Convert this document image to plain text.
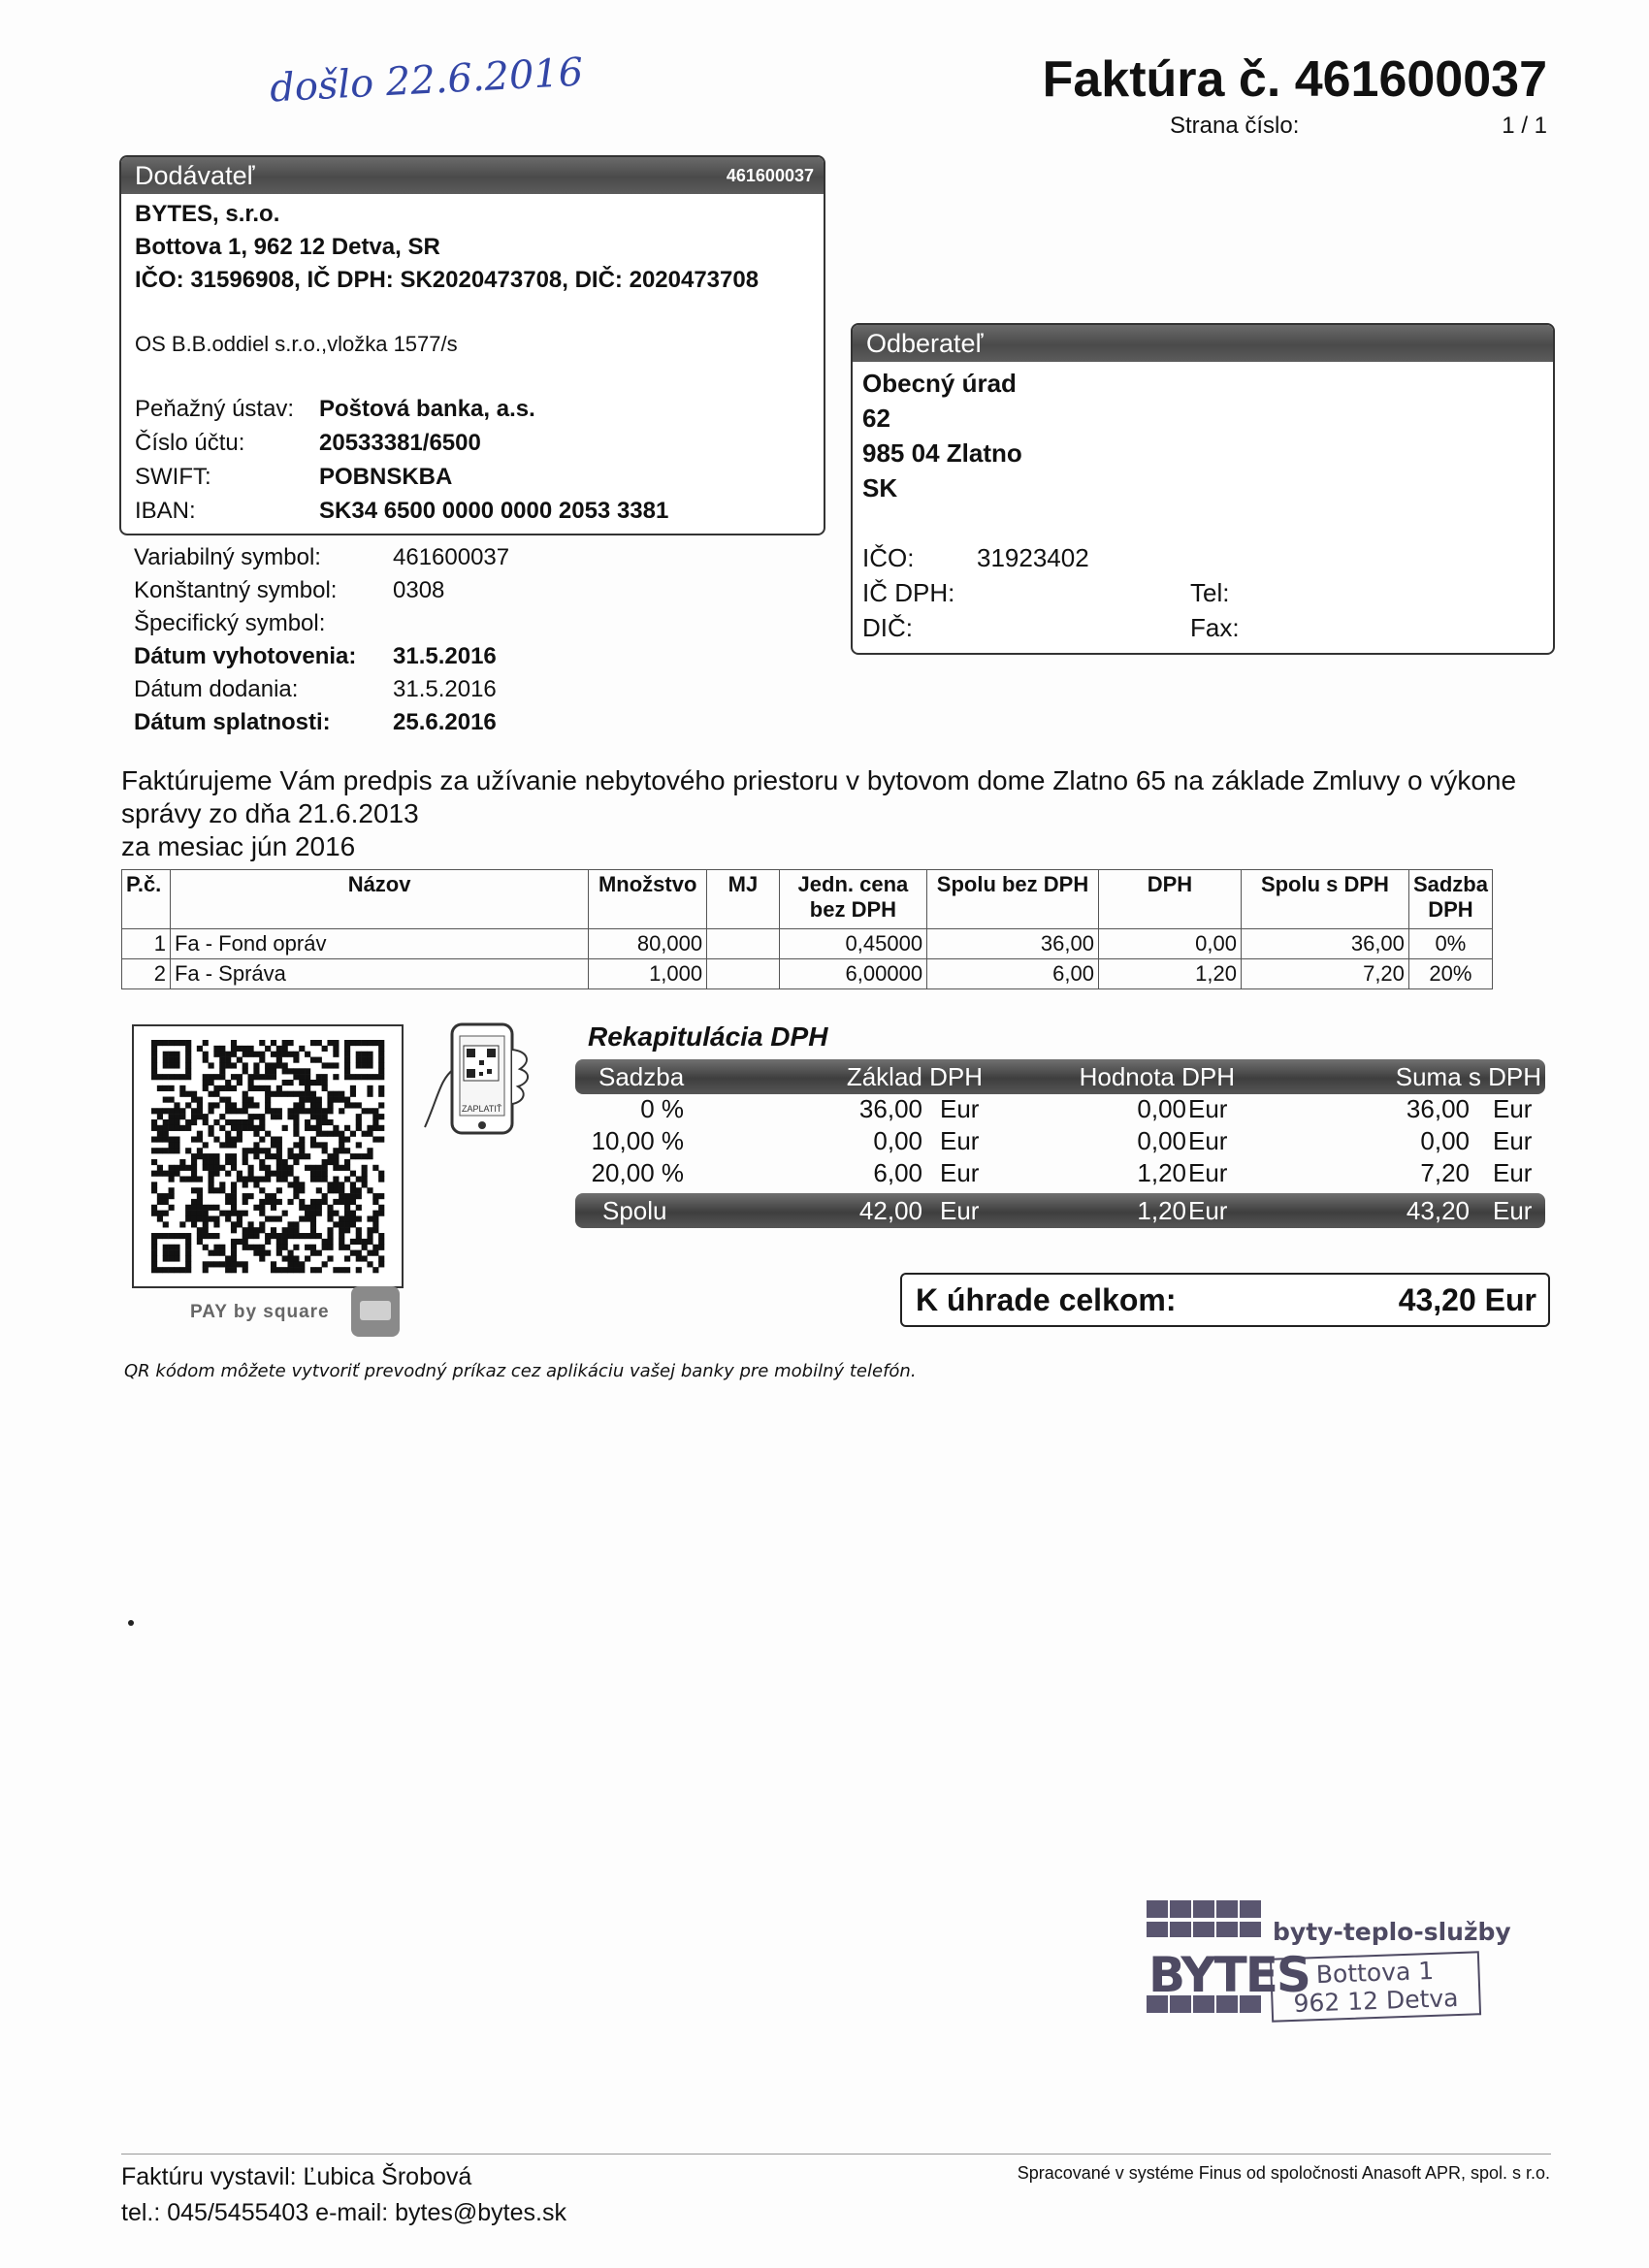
došlo 22.6.2016	Faktúra č. 461600037
Strana číslo:	1 / 1
Dodávateľ	461600037
BYTES, s.r.o.
Bottova 1, 962 12 Detva, SR
IČO: 31596908, IČ DPH: SK2020473708, DIČ: 2020473708
OS B.B.oddiel s.r.o.,vložka 1577/s
Peňažný ústav: Poštová banka, a.s.
Číslo účtu:	20533381/6500
SWIFT:	POBNSKBA
IBAN:	SK34 6500 0000 0000 2053 3381
Odberateľ
Obecný úrad
62
985 04 Zlatno
SK
IČO: 31923402
IČ DPH:
DIČ:
Tel:
Fax:
Variabilný symbol:	461600037
Konštantný symbol: 0308
Špecifický symbol:
Dátum vyhotovenia: 31.5.2016
Dátum dodania:	31.5.2016
Dátum splatnosti:	25.6.2016
Faktúrujeme Vám predpis za užívanie nebytového priestoru v bytovom dome Zlatno 65 na základe Zmluvy o výkone
správy zo dňa 21.6.2013
za mesiac jún 2016
P.č.	Názov	Množstvo	MJ	Jedn. cena bez DPH	Spolu bez DPH	DPH	Spolu s DPH	Sadzba DPH
1	Fa - Fond opráv	80,000		0,45000	36,00	0,00	36,00	0%
2	Fa - Správa	1,000		6,00000	6,00	1,20	7,20	20%
PAY by square
ZAPLATIŤ
QR kódom môžete vytvoriť prevodný príkaz cez aplikáciu vašej banky pre mobilný telefón.
Rekapitulácia DPH
Sadzba	Základ DPH	Hodnota DPH	Suma s DPH
0 %	36,00 Eur	0,00 Eur	36,00 Eur
10,00 %	0,00 Eur	0,00 Eur	0,00 Eur
20,00 %	6,00 Eur	1,20 Eur	7,20 Eur
Spolu	42,00 Eur	1,20 Eur	43,20 Eur
K úhrade celkom:	43,20 Eur
BYTES
byty-teplo-služby
Bottova 1
962 12 Detva
Faktúru vystavil: Ľubica Šrobová
tel.: 045/5455403 e-mail: bytes@bytes.sk
Spracované v systéme Finus od spoločnosti Anasoft APR, spol. s r.o.
